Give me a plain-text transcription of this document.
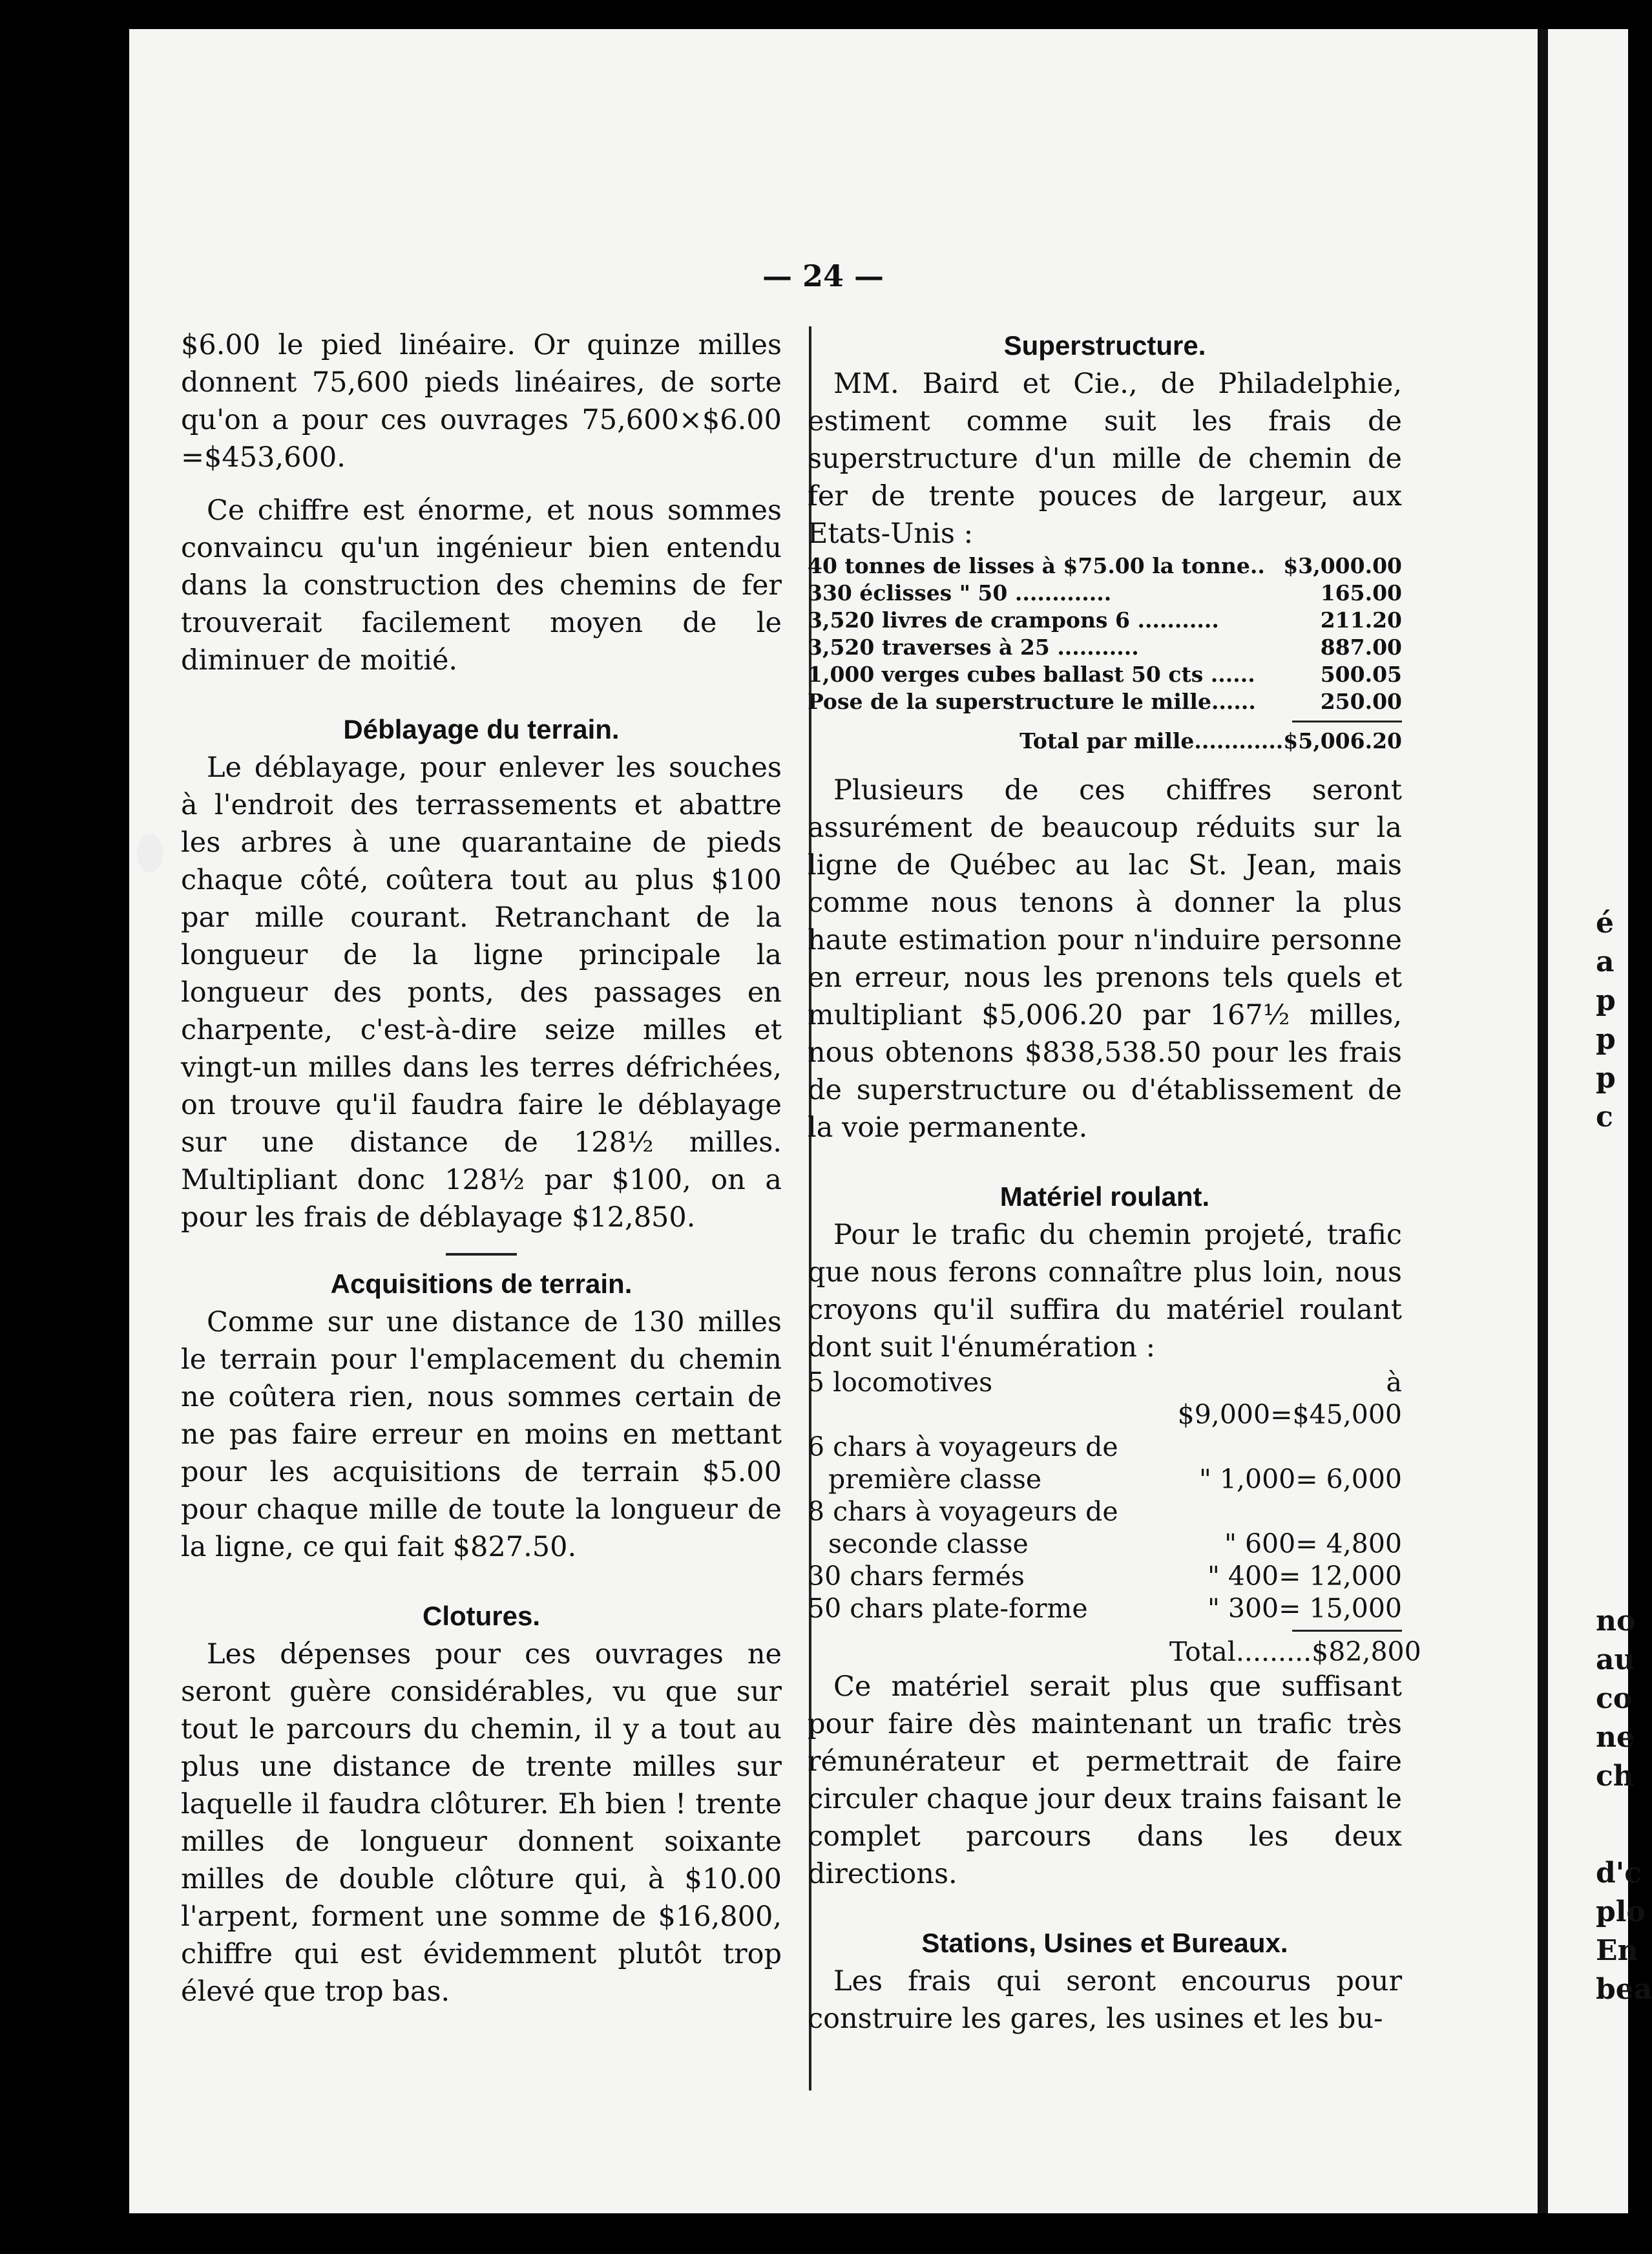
— 24 —

$6.00 le pied linéaire. Or quinze milles donnent 75,600 pieds linéaires, de sorte qu'on a pour ces ouvrages 75,600×$6.00 =$453,600.

Ce chiffre est énorme, et nous sommes convaincu qu'un ingénieur bien entendu dans la construction des chemins de fer trouverait facilement moyen de le diminuer de moitié.

Déblayage du terrain.

Le déblayage, pour enlever les souches à l'endroit des terrassements et abattre les arbres à une quarantaine de pieds chaque côté, coûtera tout au plus $100 par mille courant. Retranchant de la longueur de la ligne principale la longueur des ponts, des passages en charpente, c'est-à-dire seize milles et vingt-un milles dans les terres défrichées, on trouve qu'il faudra faire le déblayage sur une distance de 128½ milles. Multipliant donc 128½ par $100, on a pour les frais de déblayage $12,850.

Acquisitions de terrain.

Comme sur une distance de 130 milles le terrain pour l'emplacement du chemin ne coûtera rien, nous sommes certain de ne pas faire erreur en moins en mettant pour les acquisitions de terrain $5.00 pour chaque mille de toute la longueur de la ligne, ce qui fait $827.50.

Clotures.

Les dépenses pour ces ouvrages ne seront guère considérables, vu que sur tout le parcours du chemin, il y a tout au plus une distance de trente milles sur laquelle il faudra clôturer. Eh bien ! trente milles de longueur donnent soixante milles de double clôture qui, à $10.00 l'arpent, forment une somme de $16,800, chiffre qui est évidemment plutôt trop élevé que trop bas.

Superstructure.

MM. Baird et Cie., de Philadelphie, estiment comme suit les frais de superstructure d'un mille de chemin de fer de trente pouces de largeur, aux Etats-Unis :

40 tonnes de lisses à $75.00 la tonne.. $3,000.00
330 éclisses " 50 .............	165.00
3,520 livres de crampons 6 ...........	211.20
3,520 traverses à 25 ...........	887.00
1,000 verges cubes ballast 50 cts ......	500.05
Pose de la superstructure le mille......	250.00
Total par mille............$5,006.20

Plusieurs de ces chiffres seront assurément de beaucoup réduits sur la ligne de Québec au lac St. Jean, mais comme nous tenons à donner la plus haute estimation pour n'induire personne en erreur, nous les prenons tels quels et multipliant $5,006.20 par 167½ milles, nous obtenons $838,538.50 pour les frais de superstructure ou d'établissement de la voie permanente.

Matériel roulant.

Pour le trafic du chemin projeté, trafic que nous ferons connaître plus loin, nous croyons qu'il suffira du matériel roulant dont suit l'énumération :

5 locomotives	à $9,000=$45,000
6 chars à voyageurs de
première classe	" 1,000= 6,000
8 chars à voyageurs de
seconde classe	" 600= 4,800
30 chars fermés	" 400= 12,000
50 chars plate-forme	" 300= 15,000
Total.........$82,800

Ce matériel serait plus que suffisant pour faire dès maintenant un trafic très rémunérateur et permettrait de faire circuler chaque jour deux trains faisant le complet parcours dans les deux directions.

Stations, Usines et Bureaux.

Les frais qui seront encourus pour construire les gares, les usines et les bu-

é
a
p
p
p
c
no
au
co
ne
ch
d'c
plo
En
bea
